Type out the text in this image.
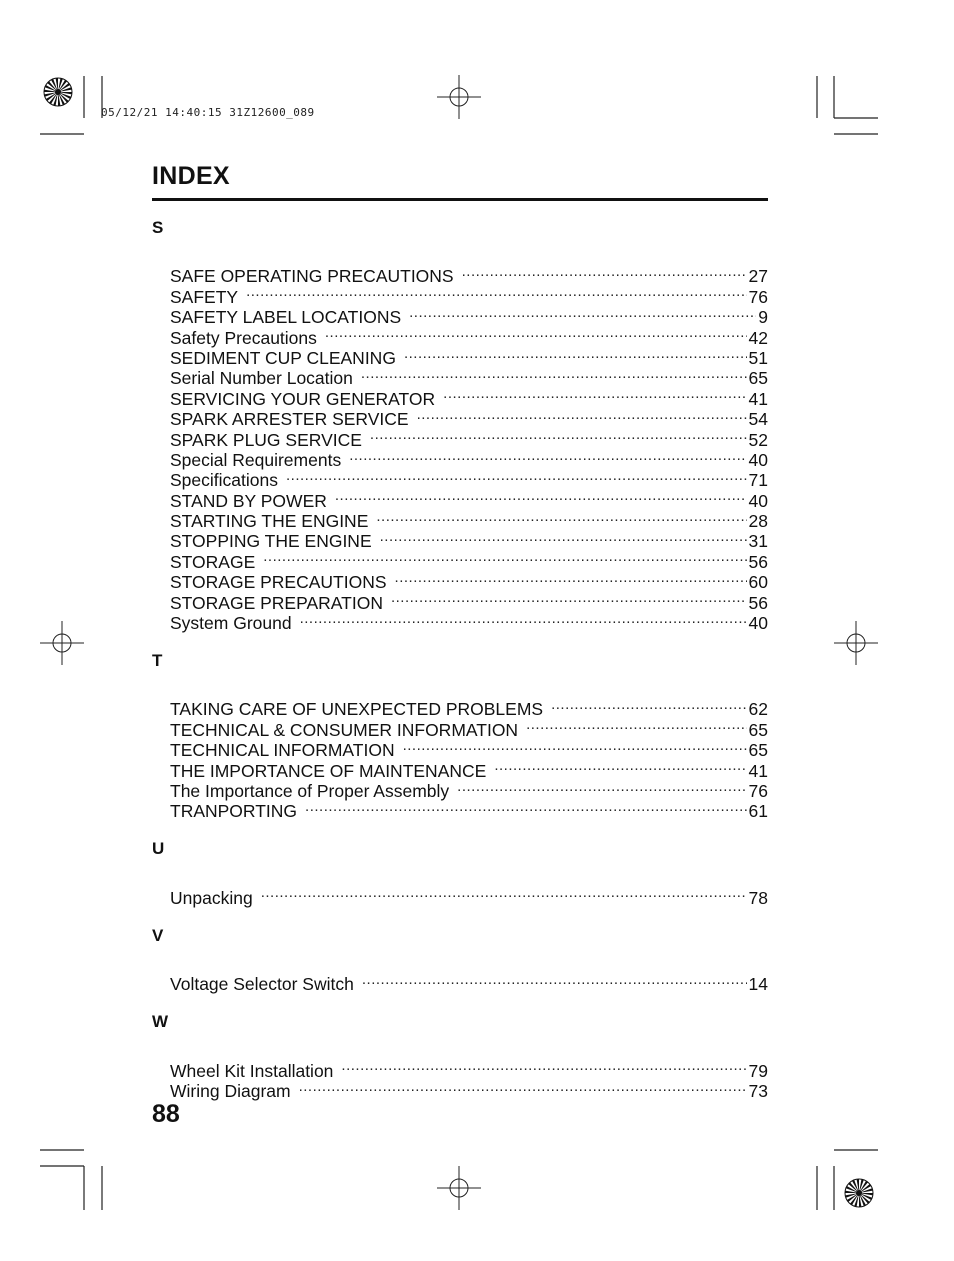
05/12/21 14:40:15 31Z12600_089
INDEX
S
SAFE OPERATING PRECAUTIONS .....	27
SAFETY .....	76
SAFETY LABEL LOCATIONS .....	9
Safety Precautions .....	42
SEDIMENT CUP CLEANING .....	51
Serial Number Location .....	65
SERVICING YOUR GENERATOR .....	41
SPARK ARRESTER SERVICE .....	54
SPARK PLUG SERVICE .....	52
Special Requirements .....	40
Specifications .....	71
STAND BY POWER .....	40
STARTING THE ENGINE .....	28
STOPPING THE ENGINE .....	31
STORAGE .....	56
STORAGE PRECAUTIONS .....	60
STORAGE PREPARATION .....	56
System Ground .....	40
T
TAKING CARE OF UNEXPECTED PROBLEMS .....	62
TECHNICAL & CONSUMER INFORMATION .....	65
TECHNICAL INFORMATION .....	65
THE IMPORTANCE OF MAINTENANCE .....	41
The Importance of Proper Assembly .....	76
TRANPORTING .....	61
U
Unpacking .....	78
V
Voltage Selector Switch .....	14
W
Wheel Kit Installation .....	79
Wiring Diagram .....	73
88
